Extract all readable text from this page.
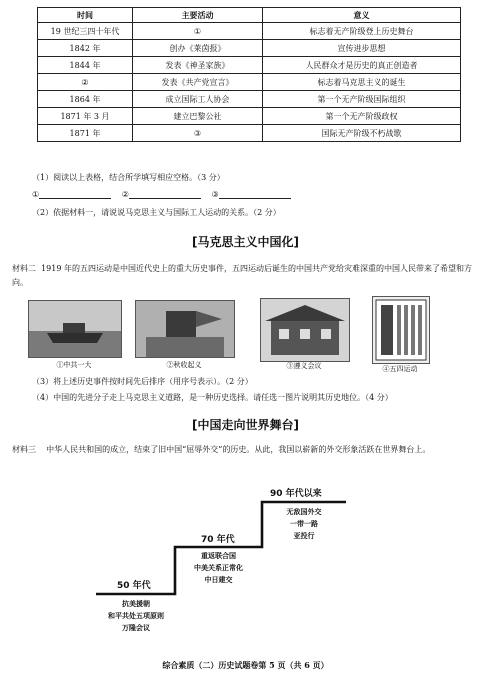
时间	主要活动	意义
19 世纪三四十年代	①	标志着无产阶级登上历史舞台
1842 年	创办《莱茵报》	宣传进步思想
1844 年	发表《神圣家族》	人民群众才是历史的真正创造者
②	发表《共产党宣言》	标志着马克思主义的诞生
1864 年	成立国际工人协会	第一个无产阶级国际组织
1871 年 3 月	建立巴黎公社	第一个无产阶级政权
1871 年	③	国际无产阶级不朽战歌
（1）阅读以上表格，结合所学填写相应空格。（3 分）
①	②	③
（2）依据材料一，请说说马克思主义与国际工人运动的关系。（2 分）
[马克思主义中国化]
材料二 1919 年的五四运动是中国近代史上的重大历史事件，五四运动后诞生的中国共产党给灾难深重的中国人民带来了希望和方向。
①中共一大	②秋收起义	③遵义会议	④五四运动
（3）将上述历史事件按时间先后排序（用序号表示）。（2 分）
（4）中国的先进分子走上马克思主义道路，是一种历史选择。请任选一图片说明其历史地位。（4 分）
[中国走向世界舞台]
材料三 中华人民共和国的成立，结束了旧中国“屈辱外交”的历史。从此，我国以崭新的外交形象活跃在世界舞台上。
50 年代
抗美援朝
和平共处五项原则
万隆会议
70 年代
重返联合国
中美关系正常化
中日建交
90 年代以来
无敌国外交
一带一路
亚投行
综合素质（二）历史试题卷第 5 页（共 6 页）
